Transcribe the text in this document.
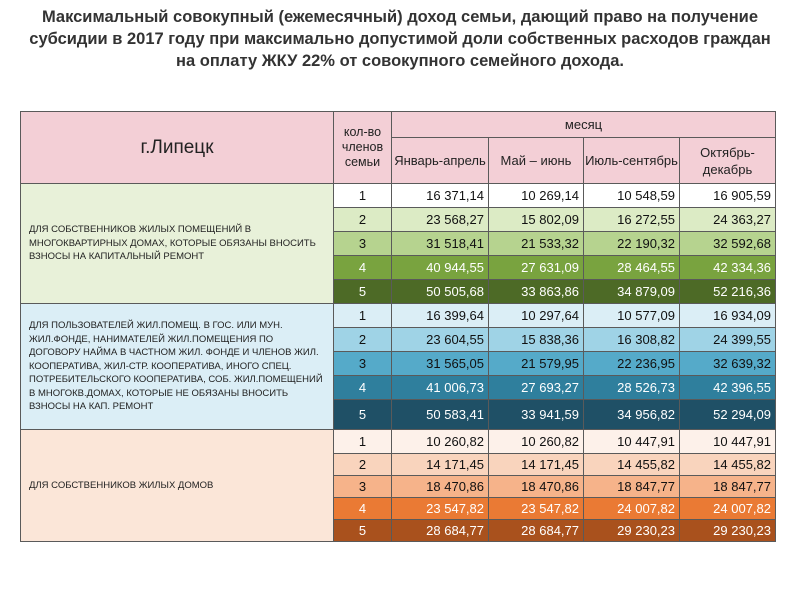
Максимальный совокупный (ежемесячный) доход семьи, дающий право на получение
субсидии в 2017 году при максимально допустимой доли собственных расходов граждан
на оплату ЖКУ 22% от совокупного семейного дохода.
г.Липецк	кол-во членов семьи	месяц			
		Январь-апрель	Май – июнь	Июль-сентябрь	Октябрь-декабрь
ДЛЯ СОБСТВЕННИКОВ ЖИЛЫХ ПОМЕЩЕНИЙ В МНОГОКВАРТИРНЫХ ДОМАХ, КОТОРЫЕ ОБЯЗАНЫ ВНОСИТЬ ВЗНОСЫ НА КАПИТАЛЬНЫЙ РЕМОНТ	1	16 371,14	10 269,14	10 548,59	16 905,59
	2	23 568,27	15 802,09	16 272,55	24 363,27
	3	31 518,41	21 533,32	22 190,32	32 592,68
	4	40 944,55	27 631,09	28 464,55	42 334,36
	5	50 505,68	33 863,86	34 879,09	52 216,36
ДЛЯ ПОЛЬЗОВАТЕЛЕЙ ЖИЛ.ПОМЕЩ. В ГОС. ИЛИ МУН. ЖИЛ.ФОНДЕ, НАНИМАТЕЛЕЙ ЖИЛ.ПОМЕЩЕНИЯ ПО ДОГОВОРУ НАЙМА В ЧАСТНОМ ЖИЛ. ФОНДЕ И ЧЛЕНОВ ЖИЛ. КООПЕРАТИВА, ЖИЛ-СТР. КООПЕРАТИВА, ИНОГО СПЕЦ. ПОТРЕБИТЕЛЬСКОГО КООПЕРАТИВА, СОБ. ЖИЛ.ПОМЕЩЕНИЙ В МНОГОКВ.ДОМАХ, КОТОРЫЕ НЕ ОБЯЗАНЫ ВНОСИТЬ ВЗНОСЫ НА КАП. РЕМОНТ	1	16 399,64	10 297,64	10 577,09	16 934,09
	2	23 604,55	15 838,36	16 308,82	24 399,55
	3	31 565,05	21 579,95	22 236,95	32 639,32
	4	41 006,73	27 693,27	28 526,73	42 396,55
	5	50 583,41	33 941,59	34 956,82	52 294,09
ДЛЯ СОБСТВЕННИКОВ ЖИЛЫХ ДОМОВ	1	10 260,82	10 260,82	10 447,91	10 447,91
	2	14 171,45	14 171,45	14 455,82	14 455,82
	3	18 470,86	18 470,86	18 847,77	18 847,77
	4	23 547,82	23 547,82	24 007,82	24 007,82
	5	28 684,77	28 684,77	29 230,23	29 230,23
